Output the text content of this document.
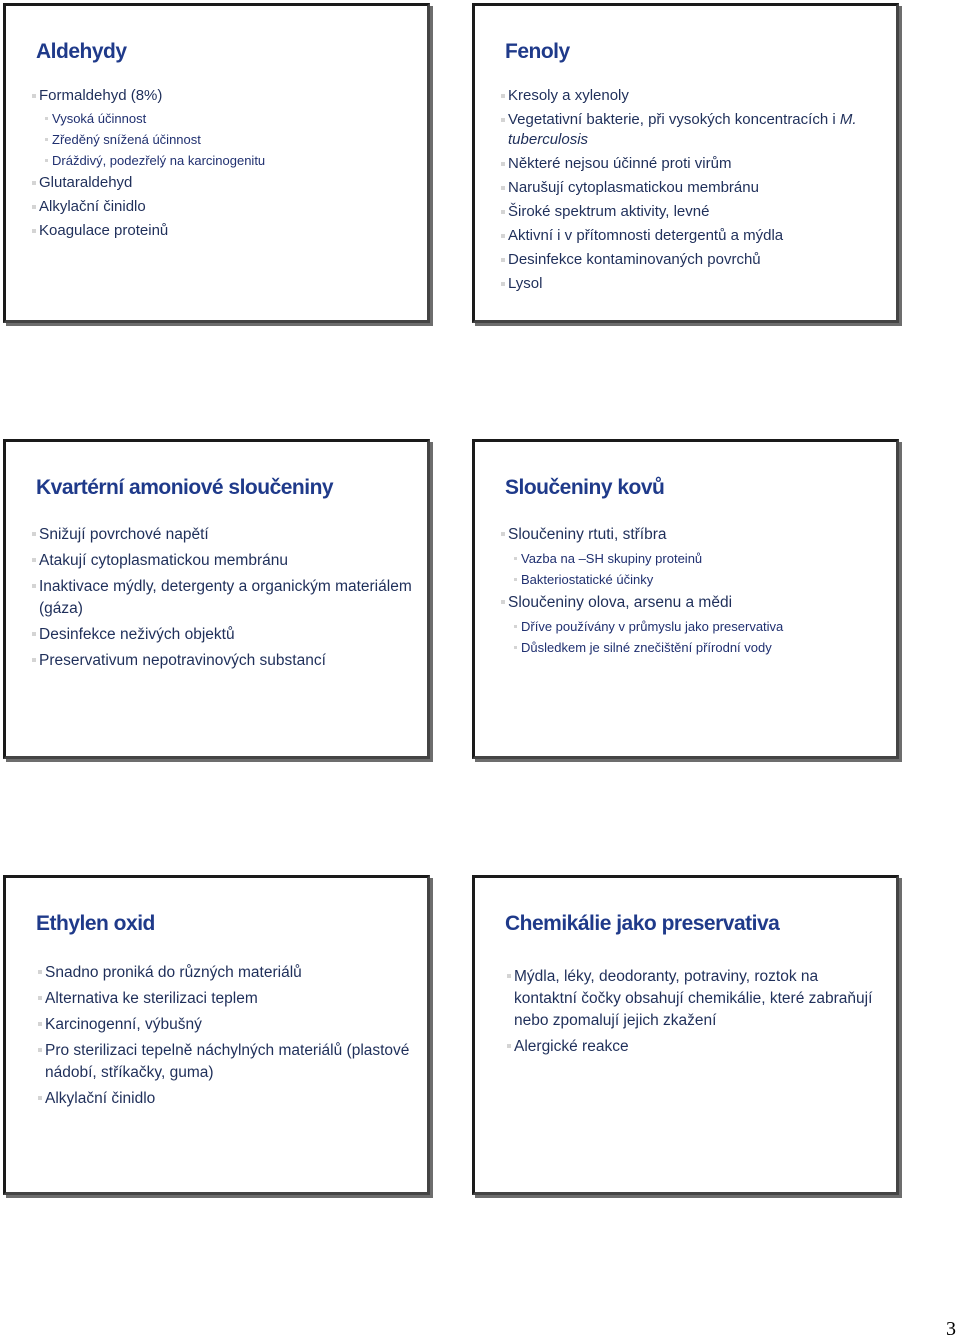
Aldehydy
Formaldehyd (8%)
Vysoká účinnost
Zředěný snížená účinnost
Dráždivý, podezřelý na karcinogenitu
Glutaraldehyd
Alkylační činidlo
Koagulace proteinů
Fenoly
Kresoly a xylenoly
Vegetativní bakterie, při vysokých koncentracích i M. tuberculosis
Některé nejsou účinné proti virům
Narušují cytoplasmatickou membránu
Široké spektrum aktivity, levné
Aktivní i v přítomnosti detergentů a mýdla
Desinfekce kontaminovaných povrchů
Lysol
Kvartérní amoniové sloučeniny
Snižují povrchové napětí
Atakují cytoplasmatickou membránu
Inaktivace mýdly, detergenty a organickým materiálem (gáza)
Desinfekce neživých objektů
Preservativum nepotravinových substancí
Sloučeniny kovů
Sloučeniny rtuti, stříbra
Vazba na –SH skupiny proteinů
Bakteriostatické účinky
Sloučeniny olova, arsenu a mědi
Dříve používány v průmyslu jako preservativa
Důsledkem je silné znečištění přírodní vody
Ethylen oxid
Snadno proniká do různých materiálů
Alternativa ke sterilizaci teplem
Karcinogenní, výbušný
Pro sterilizaci tepelně náchylných materiálů (plastové nádobí, stříkačky, guma)
Alkylační činidlo
Chemikálie jako preservativa
Mýdla, léky, deodoranty, potraviny, roztok na kontaktní čočky obsahují chemikálie, které zabraňují nebo zpomalují jejich zkažení
Alergické reakce
3
